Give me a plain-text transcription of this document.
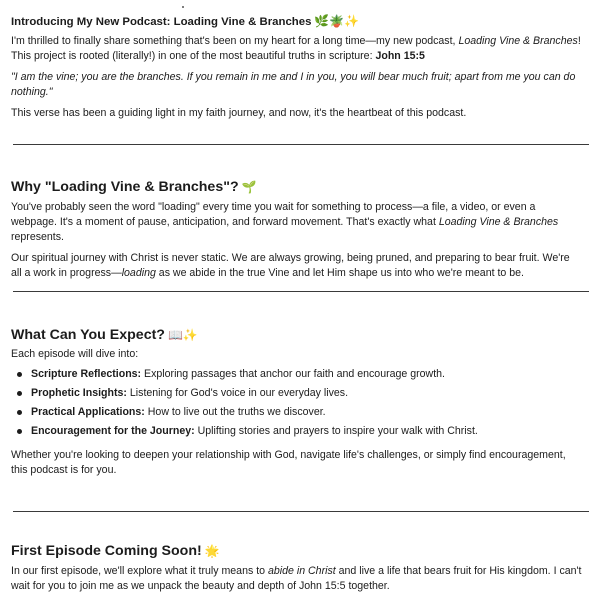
Introducing My New Podcast: Loading Vine & Branches 🌿🪴✨

I'm thrilled to finally share something that's been on my heart for a long time—my new podcast, Loading Vine & Branches! This project is rooted (literally!) in one of the most beautiful truths in scripture: John 15:5

"I am the vine; you are the branches. If you remain in me and I in you, you will bear much fruit; apart from me you can do nothing."

This verse has been a guiding light in my faith journey, and now, it's the heartbeat of this podcast.

Why "Loading Vine & Branches"? 🌱

You've probably seen the word "loading" every time you wait for something to process—a file, a video, or even a webpage. It's a moment of pause, anticipation, and forward movement. That's exactly what Loading Vine & Branches represents.

Our spiritual journey with Christ is never static. We are always growing, being pruned, and preparing to bear fruit. We're all a work in progress—loading as we abide in the true Vine and let Him shape us into who we're meant to be.

What Can You Expect? 📖✨

Each episode will dive into:

Scripture Reflections: Exploring passages that anchor our faith and encourage growth.
Prophetic Insights: Listening for God's voice in our everyday lives.
Practical Applications: How to live out the truths we discover.
Encouragement for the Journey: Uplifting stories and prayers to inspire your walk with Christ.

Whether you're looking to deepen your relationship with God, navigate life's challenges, or simply find encouragement, this podcast is for you.

First Episode Coming Soon! 🌟

In our first episode, we'll explore what it truly means to abide in Christ and live a life that bears fruit for His kingdom. I can't wait for you to join me as we unpack the beauty and depth of John 15:5 together.
